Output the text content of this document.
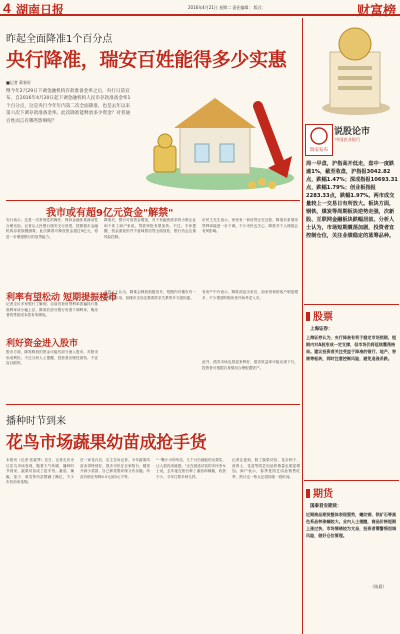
4 湖南日报	2016年4月21日 星期二 责任编辑： 版式：	财富榜
昨起全面降准1个百分点
央行降准，瑞安百姓能得多少实惠
■记者 蒋家好
继今年2月29日下调金融机构存款准备金率之后，央行日前宣布，自2016年4月20日起下调金融机构人民币存款准备金率1个百分点，这是央行今年年内第二次全面降准，也是去年以来第六次下调存款准备金率。此次降准能释放多少资金？对普通百姓而言有哪些影响呢？
我市或有超9亿元资金"解禁"
央行表示，这是一次常规性的操作，保持金融体系流动性合理充裕。记者从人民银行瑞安支行获悉，按照我市金融机构存款规模测算，此次降准可释放资金超过9亿元，将进一步增强银行的放贷能力。
降准后，银行可用资金增加，对于有融资需求的小微企业和个体工商户来说，贷款审批有望加快。不过，专家提醒，资金面宽松并不意味着信贷全面放松，银行仍会注重风险控制。
市民王先生表示，家里有一套房贷正在还款，降准后希望房贷利率能进一步下调。不少市民也关心，降准对个人理财会有何影响。
利率有望松动 短期提振楼市
记者走访多家银行了解到，目前首套房贷利率普遍执行基准利率或小幅上浮，降准后部分银行有望下调利率，购房者的贷款成本将有所降低。
业内人士认为，降准会释放积极信号，短期内对楼市有一定提振作用，但楼市走向还要看供求关系等多方面因素。
有房产中介表示，降准消息出来后，前来咨询的客户明显增多，不少观望的购房者开始考虑入市。
利好资金进入股市
股市方面，降准释放的资金可能有部分流入股市，对股市形成利好。不过分析人士提醒，投资者应理性看待，不宜盲目跟风。	此外，债券市场也将迎来利好，债券收益率可能出现下行，投资者可根据自身情况合理配置资产。
播种时节到来
花鸟市场蔬果幼苗成抢手货
本报讯（记者 张素琴）近日，记者走访市区花鸟市场发现，随着天气转暖，播种时节到来，蔬果幼苗成了抢手货。番茄、辣椒、茄子、黄瓜等幼苗摆满了摊位，不少市民前来选购。
在一家花卉店，店主告诉记者，今年蔬果幼苗卖得特别好，很多市民在自家阳台、楼顶开辟小菜园，自己种菜既环保又有乐趣。幼苗价格在每株0.5元到3元不等。
"一颗小小的幼苗，几个月后就能结出果实，让人很有成就感。"正在挑选幼苗的市民李女士说，去年她在阳台种了番茄和辣椒，收获不少，今年打算多种几样。
记者注意到，除了蔬果幼苗，花卉种子、营养土、花盆等园艺用品的销量也明显增加。商户表示，春季是园艺用品销售旺季，预计这一势头还将持续一段时间。
瑞安发布
说股论市
中国农业银行
周一早盘，沪指高开低走，盘中一度跌逾1%，截至收盘，沪指报3042.82点，跌幅1.47%；深成指报10693.31点，跌幅1.79%；创业板指报2283.33点，跌幅1.97%。两市成交量较上一交易日有所放大。板块方面，钢铁、煤炭等周期板块逆势走强，次新股、互联网金融板块跌幅居前。分析人士认为，市场短期震荡加剧，投资者宜控制仓位，关注业绩稳定的蓝筹品种。
股票
上海证券：
上海证券认为，央行降准有利于稳定市场预期，短期内对A股形成一定支撑，但市场仍将延续震荡格局。建议投资者关注受益于降准的银行、地产、券商等板块，同时注意控制风险，避免追涨杀跌。
期货
国泰君安期货：
近期商品期货整体表现强势，螺纹钢、铁矿石等黑色系品种涨幅较大。业内人士提醒，商品价格短期上涨过快，市场情绪较为亢奋，投资者需警惕回调风险，做好仓位管理。
（陈晨）
